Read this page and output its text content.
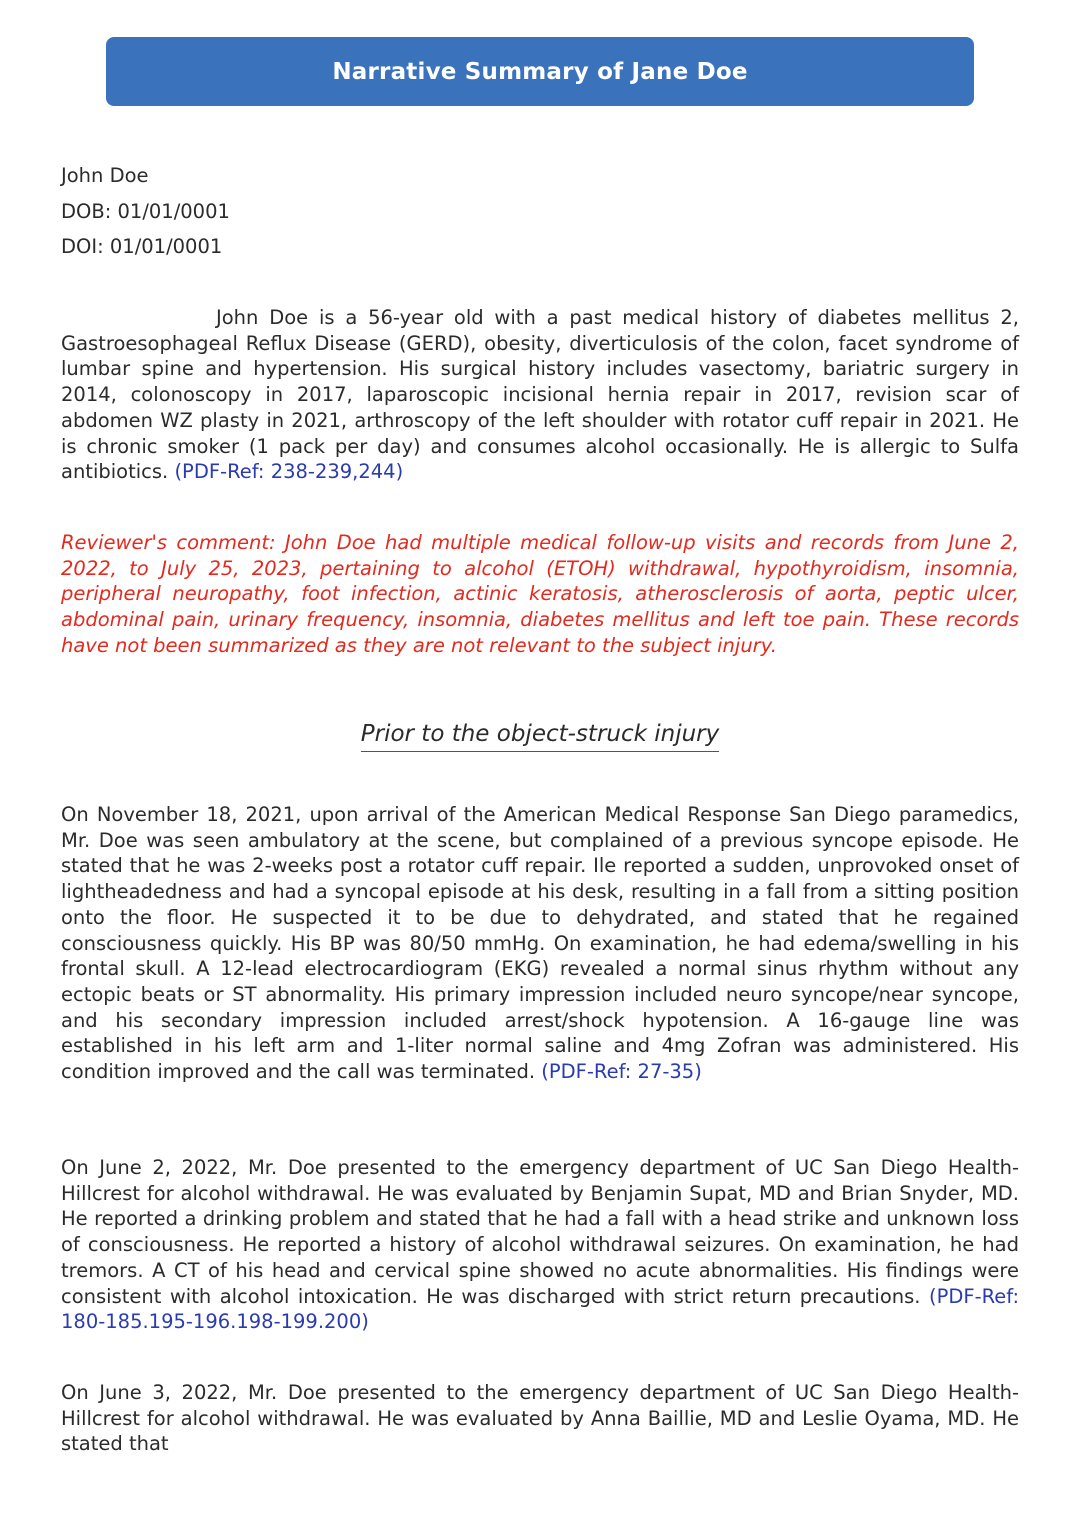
Narrative Summary of Jane Doe
John Doe
DOB: 01/01/0001
DOI: 01/01/0001

John Doe is a 56-year old with a past medical history of diabetes mellitus 2, Gastroesophageal Reflux Disease (GERD), obesity, diverticulosis of the colon, facet syndrome of lumbar spine and hypertension. His surgical history includes vasectomy, bariatric surgery in 2014, colonoscopy in 2017, laparoscopic incisional hernia repair in 2017, revision scar of abdomen WZ plasty in 2021, arthroscopy of the left shoulder with rotator cuff repair in 2021. He is chronic smoker (1 pack per day) and consumes alcohol occasionally. He is allergic to Sulfa antibiotics. (PDF-Ref: 238-239,244)

Reviewer's comment: John Doe had multiple medical follow-up visits and records from June 2, 2022, to July 25, 2023, pertaining to alcohol (ETOH) withdrawal, hypothyroidism, insomnia, peripheral neuropathy, foot infection, actinic keratosis, atherosclerosis of aorta, peptic ulcer, abdominal pain, urinary frequency, insomnia, diabetes mellitus and left toe pain. These records have not been summarized as they are not relevant to the subject injury.

On November 18, 2021, upon arrival of the American Medical Response San Diego paramedics, Mr. Doe was seen ambulatory at the scene, but complained of a previous syncope episode. He stated that he was 2-weeks post a rotator cuff repair. Ile reported a sudden, unprovoked onset of lightheadedness and had a syncopal episode at his desk, resulting in a fall from a sitting position onto the floor. He suspected it to be due to dehydrated, and stated that he regained consciousness quickly. His BP was 80/50 mmHg. On examination, he had edema/swelling in his frontal skull. A 12-lead electrocardiogram (EKG) revealed a normal sinus rhythm without any ectopic beats or ST abnormality. His primary impression included neuro syncope/near syncope, and his secondary impression included arrest/shock hypotension. A 16-gauge line was established in his left arm and 1-liter normal saline and 4mg Zofran was administered. His condition improved and the call was terminated. (PDF-Ref: 27-35)

On June 2, 2022, Mr. Doe presented to the emergency department of UC San Diego Health-Hillcrest for alcohol withdrawal. He was evaluated by Benjamin Supat, MD and Brian Snyder, MD. He reported a drinking problem and stated that he had a fall with a head strike and unknown loss of consciousness. He reported a history of alcohol withdrawal seizures. On examination, he had tremors. A CT of his head and cervical spine showed no acute abnormalities. His findings were consistent with alcohol intoxication. He was discharged with strict return precautions. (PDF-Ref: 180-185.195-196.198-199.200)

On June 3, 2022, Mr. Doe presented to the emergency department of UC San Diego Health-Hillcrest for alcohol withdrawal. He was evaluated by Anna Baillie, MD and Leslie Oyama, MD. He stated that

Prior to the object-struck injury
